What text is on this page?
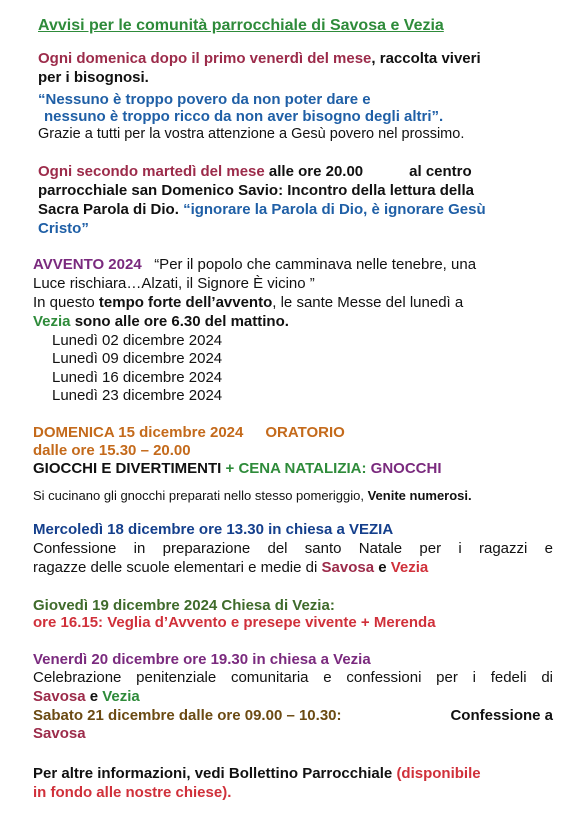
Avvisi per le comunità parrocchiale di Savosa e Vezia
Ogni domenica dopo il primo venerdì del mese, raccolta viveri
per i bisognosi.
“Nessuno è troppo povero da non poter dare e
nessuno è troppo ricco da non aver bisogno degli altri”.
Grazie a tutti per la vostra attenzione a Gesù povero nel prossimo.
Ogni secondo martedì del mese alle ore 20.00	al centro
parrocchiale san Domenico Savio: Incontro della lettura della
Sacra Parola di Dio. “ignorare la Parola di Dio, è ignorare Gesù
Cristo”
AVVENTO 2024 “Per il popolo che camminava nelle tenebre, una
Luce rischiara…Alzati, il Signore È vicino ”
In questo tempo forte dell’avvento, le sante Messe del lunedì a
Vezia sono alle ore 6.30 del mattino.
Lunedì 02 dicembre 2024
Lunedì 09 dicembre 2024
Lunedì 16 dicembre 2024
Lunedì 23 dicembre 2024
DOMENICA 15 dicembre 2024 ORATORIO
dalle ore 15.30 – 20.00
GIOCCHI E DIVERTIMENTI + CENA NATALIZIA: GNOCCHI
Si cucinano gli gnocchi preparati nello stesso pomeriggio, Venite numerosi.
Mercoledì 18 dicembre ore 13.30 in chiesa a VEZIA
Confessione in preparazione del santo Natale per i ragazzi e
ragazze delle scuole elementari e medie di Savosa e Vezia
Giovedì 19 dicembre 2024 Chiesa di Vezia:
ore 16.15: Veglia d’Avvento e presepe vivente + Merenda
Venerdì 20 dicembre ore 19.30 in chiesa a Vezia
Celebrazione penitenziale comunitaria e confessioni per i fedeli di
Savosa e Vezia
Sabato 21 dicembre dalle ore 09.00 – 10.30:	Confessione a
Savosa
Per altre informazioni, vedi Bollettino Parrocchiale (disponibile
in fondo alle nostre chiese).
